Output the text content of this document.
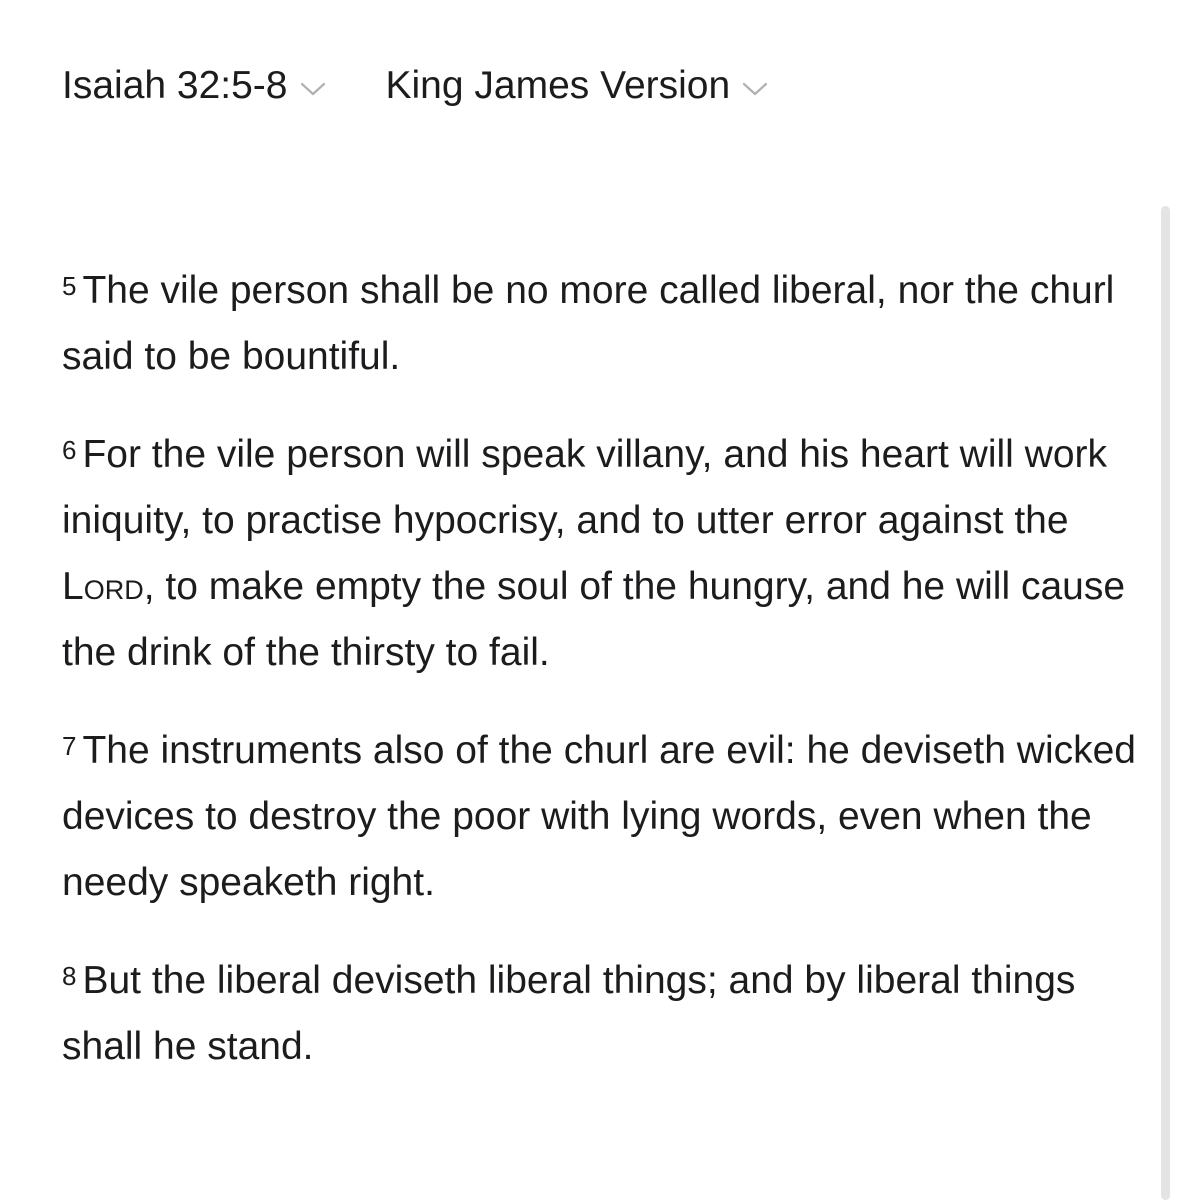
Isaiah 32:5-8	King James Version

$^5$ The vile person shall be no more called liberal, nor the churl said to be bountiful.

$^6$ For the vile person will speak villany, and his heart will work iniquity, to practise hypocrisy, and to utter error against the Lord, to make empty the soul of the hungry, and he will cause the drink of the thirsty to fail.

$^7$ The instruments also of the churl are evil: he deviseth wicked devices to destroy the poor with lying words, even when the needy speaketh right.

$^8$ But the liberal deviseth liberal things; and by liberal things shall he stand.
